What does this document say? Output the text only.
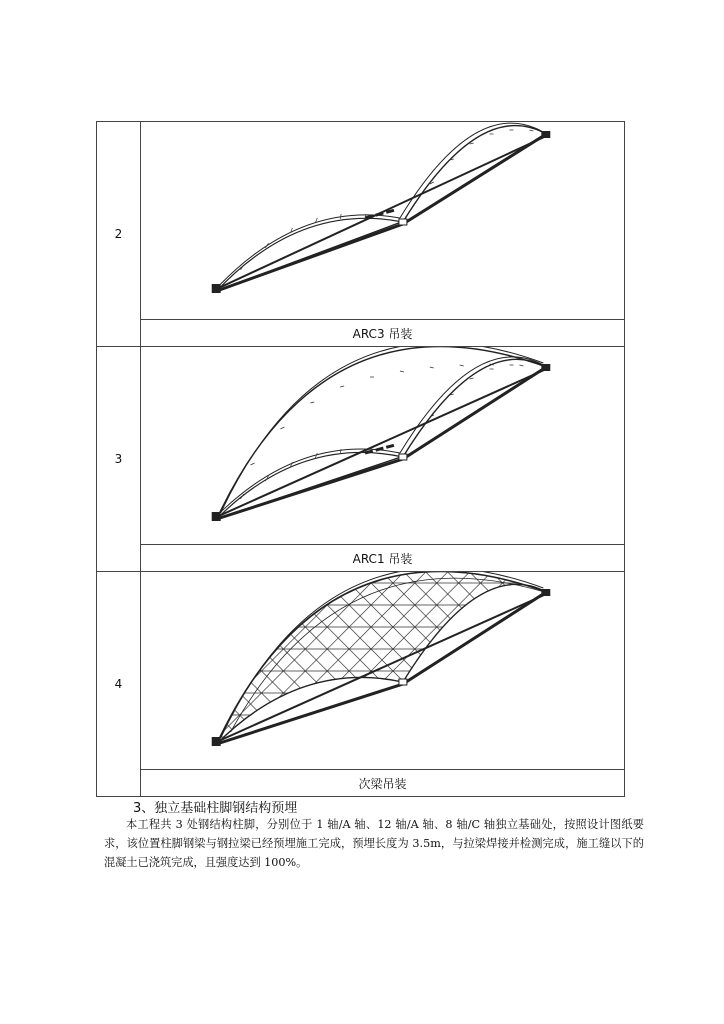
2	

	ARC3 吊装
3	

	ARC1 吊装
4	

	次梁吊装
3、独立基础柱脚钢结构预埋

本工程共 3 处钢结构柱脚，分别位于 1 轴/A 轴、12 轴/A 轴、8 轴/C 轴独立基础处，按照设计图纸要求，该位置柱脚钢梁与钢拉梁已经预埋施工完成，预埋长度为 3.5m，与拉梁焊接并检测完成，施工缝以下的混凝土已浇筑完成，且强度达到 100%。
